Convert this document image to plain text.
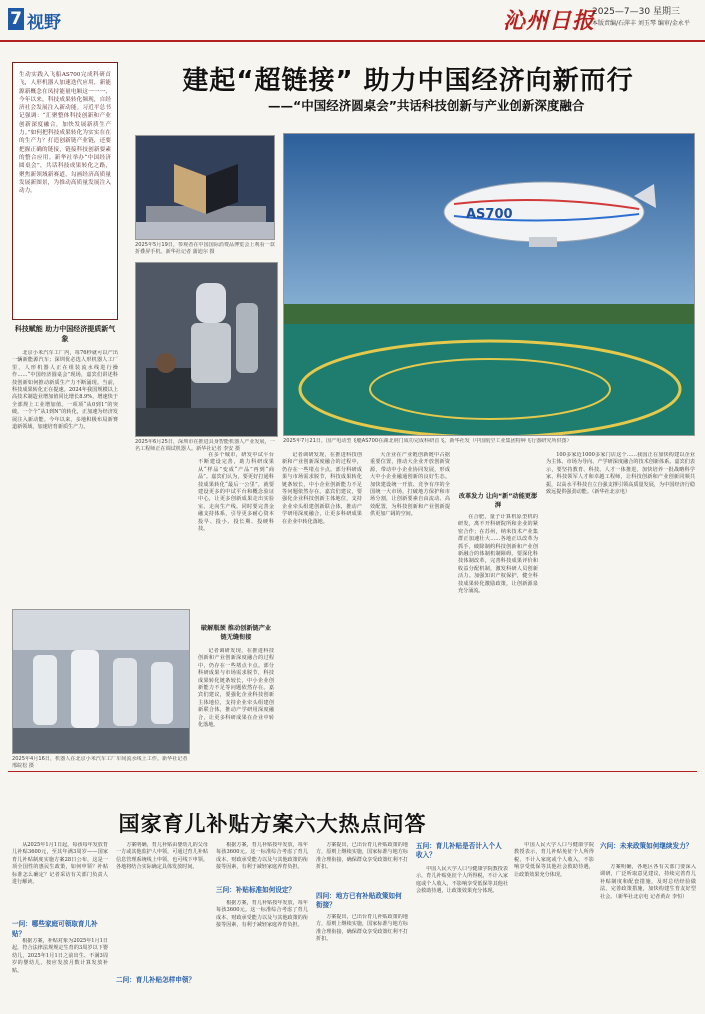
7 视野	沁州日报
2025—7—30 星期三
本版责编/石萍丰 刘玉琴 编审/金永平
生动实践入飞船AS700完成科研首飞，人形机器人加速迭代应用，新能源新概念在凤持能量电厢这一一一，今年以来，科技成果转化频现，自经济社会发展注入新动能。习近平总书记强调：“汇聚整体科技创新和产业创新深度融合，加快发展新质生产力。”如何把科技成果转化为实实在在的生产力？打造创新链产业链，还要把握正确的链接，链接科技创新要素的整合应用。新华社举办“中国经济圆桌会”，共话科技成果转化之路，聚焦新领域新赛道，勾画经济高质量发展新图景，为推动高质量发展注入动力。
建起“超链接” 助力中国经济向新而行
——“中国经济圆桌会”共话科技创新与产业创新深度融合
2025年5月19日，参观者在中国国际消费品博览会上观看一款折叠屏手机。新华社记者 蒲迪尔 摄
AS700
2025年7月21日，国产电动型飞艇AS700在湖北荆门成功完成科研首飞。新华社发（中国航空工业集团特种飞行器研究所供图）
2025年6月25日，深圳市在推进具身智能机器人产业发展，一名工程师正在调试机器人。新华社记者 李安 摄
2025年4月16日，机器人在北京小米汽车工厂车间流水线上工作。新华社记者 邢皖松 摄
科技赋能 助力中国经济提质新气象
北京小米汽车工厂内，每76秒就可以产出一辆新能源汽车；深圳优必选人形机器人工厂里，人形机器人正在组装流水线进行操作……“中国经济圆桌会”现场，嘉宾们讲述科技创新如何推动新质生产力不断涌现。当前，科技成果转化正在提速。2024年我国规模以上高技术制造业增加值同比增长8.9%，增速快于全部规上工业增加值。一项项“从0到1”的突破，一个个“从1到N”的转化，正加速为经济发展注入新动能。今年以来，多地积极布局新赛道新领域，加速培育新质生产力。
在多个城市，研发中试平台不断建设完善，助力科研成果从“样品”变成“产品”再到“商品”。嘉宾们认为，要更好打通科技成果转化“最后一公里”，就要建设更多的中试平台和概念验证中心，让更多创新成果走出实验室、走向生产线。同时要完善金融支持体系，引导更多耐心资本投早、投小、投长期、投硬科技。
破解瓶颈 推动创新链产业链无缝衔接
记者调研发现，在推进科技创新和产业创新深度融合的过程中，仍存在一些堵点卡点。部分科研成果与市场需求脱节，科技成果转化链条较长，中小企业创新能力不足等问题依然存在。嘉宾们建议，要强化企业科技创新主体地位，支持企业牵头组建创新联合体，推动产学研用深度融合，让更多科研成果在企业中转化落地。
记者调研发现，在推进科技创新和产业创新深度融合的过程中，仍存在一些堵点卡点。部分科研成果与市场需求脱节，科技成果转化链条较长，中小企业创新能力不足等问题依然存在。嘉宾们建议，要强化企业科技创新主体地位，支持企业牵头组建创新联合体，推动产学研用深度融合，让更多科研成果在企业中转化落地。
大企业在产业链创新链中占据重要位置，推动大企业开放创新资源，带动中小企业协同发展，形成大中小企业融通创新的良好生态。加快建设统一开放、竞争有序的全国统一大市场，打破地方保护和市场分割，让创新要素自由流动、高效配置，为科技创新和产业创新提供更加广阔的空间。
改革发力 让向“新”动能更澎湃
在合肥，量子计算机原型机的研发，离不开科研院所和企业的紧密合作；在苏州，纳米技术产业集群正加速壮大……各地正以改革为抓手，破除制约科技创新和产业创新融合的体制机制障碍。要深化科技体制改革，完善科技成果评价和收益分配机制，激发科研人员创新活力。加强知识产权保护，健全科技成果转化激励政策，让创新源泉充分涌流。
100多家近1000多家门店这个……我国正在加快构建以企业为主体、市场为导向、产学研深度融合的技术创新体系。嘉宾们表示，要坚持教育、科技、人才一体推进，加快培养一批战略科学家、科技领军人才和卓越工程师，让科技创新和产业创新同频共振，以高水平科技自立自强支撑引领高质量发展，为中国经济行稳致远提供强劲动能。（新华社北京电）
国家育儿补贴方案六大热点问答
从2025年1月1日起，每孩每年发放育儿补贴3600元，至其年满3周岁——国家育儿补贴制度实施方案28日公布，这是一项全国性的惠民生政策，如何申领？补贴标准怎么确定？记者采访有关部门负责人进行解读。
一问：哪些家庭可领取育儿补贴？
根据方案，补贴对象为2025年1月1日起，符合法律法规规定生育的3周岁以下婴幼儿，2025年1月1日之前出生、不满3周岁的婴幼儿，按应发放月数计算发放补贴。
方案明确，育儿补贴由婴幼儿的父母一方或其他监护人申领，可通过育儿补贴信息管理系统线上申领，也可线下申领。各地将结合实际确定具体发放时间。
二问：育儿补贴怎样申领？
根据方案，育儿补贴按年发放，每年每孩3600元。这一标准综合考虑了育儿成本、财政承受能力以及与其他政策的衔接等因素，有利于减轻家庭养育负担。
三问：补贴标准如何设定？
根据方案，育儿补贴按年发放，每年每孩3600元。这一标准综合考虑了育儿成本、财政承受能力以及与其他政策的衔接等因素，有利于减轻家庭养育负担。
方案提出，已出台育儿补贴政策的地方，原则上继续实施，国家标准与地方标准合理衔接，确保群众享受政策红利不打折扣。
四问：地方已有补贴政策如何衔接？
方案提出，已出台育儿补贴政策的地方，原则上继续实施，国家标准与地方标准合理衔接，确保群众享受政策红利不打折扣。
五问：育儿补贴是否计入个人收入？
中国人民大学人口与健康学院教授表示，育儿补贴免征个人所得税，不计入家庭或个人收入，不影响享受低保等其他社会救助待遇，让政策效果充分体现。
六问：未来政策如何继续发力？
方案明确，各地区各有关部门要深入调研，广泛听取意见建议，持续完善育儿补贴制度和配套措施，及时总结经验做法，完善政策措施，加快构建生育友好型社会。（新华社北京电 记者黄垚 李恒）
中国人民大学人口与健康学院教授表示，育儿补贴免征个人所得税，不计入家庭或个人收入，不影响享受低保等其他社会救助待遇，让政策效果充分体现。
